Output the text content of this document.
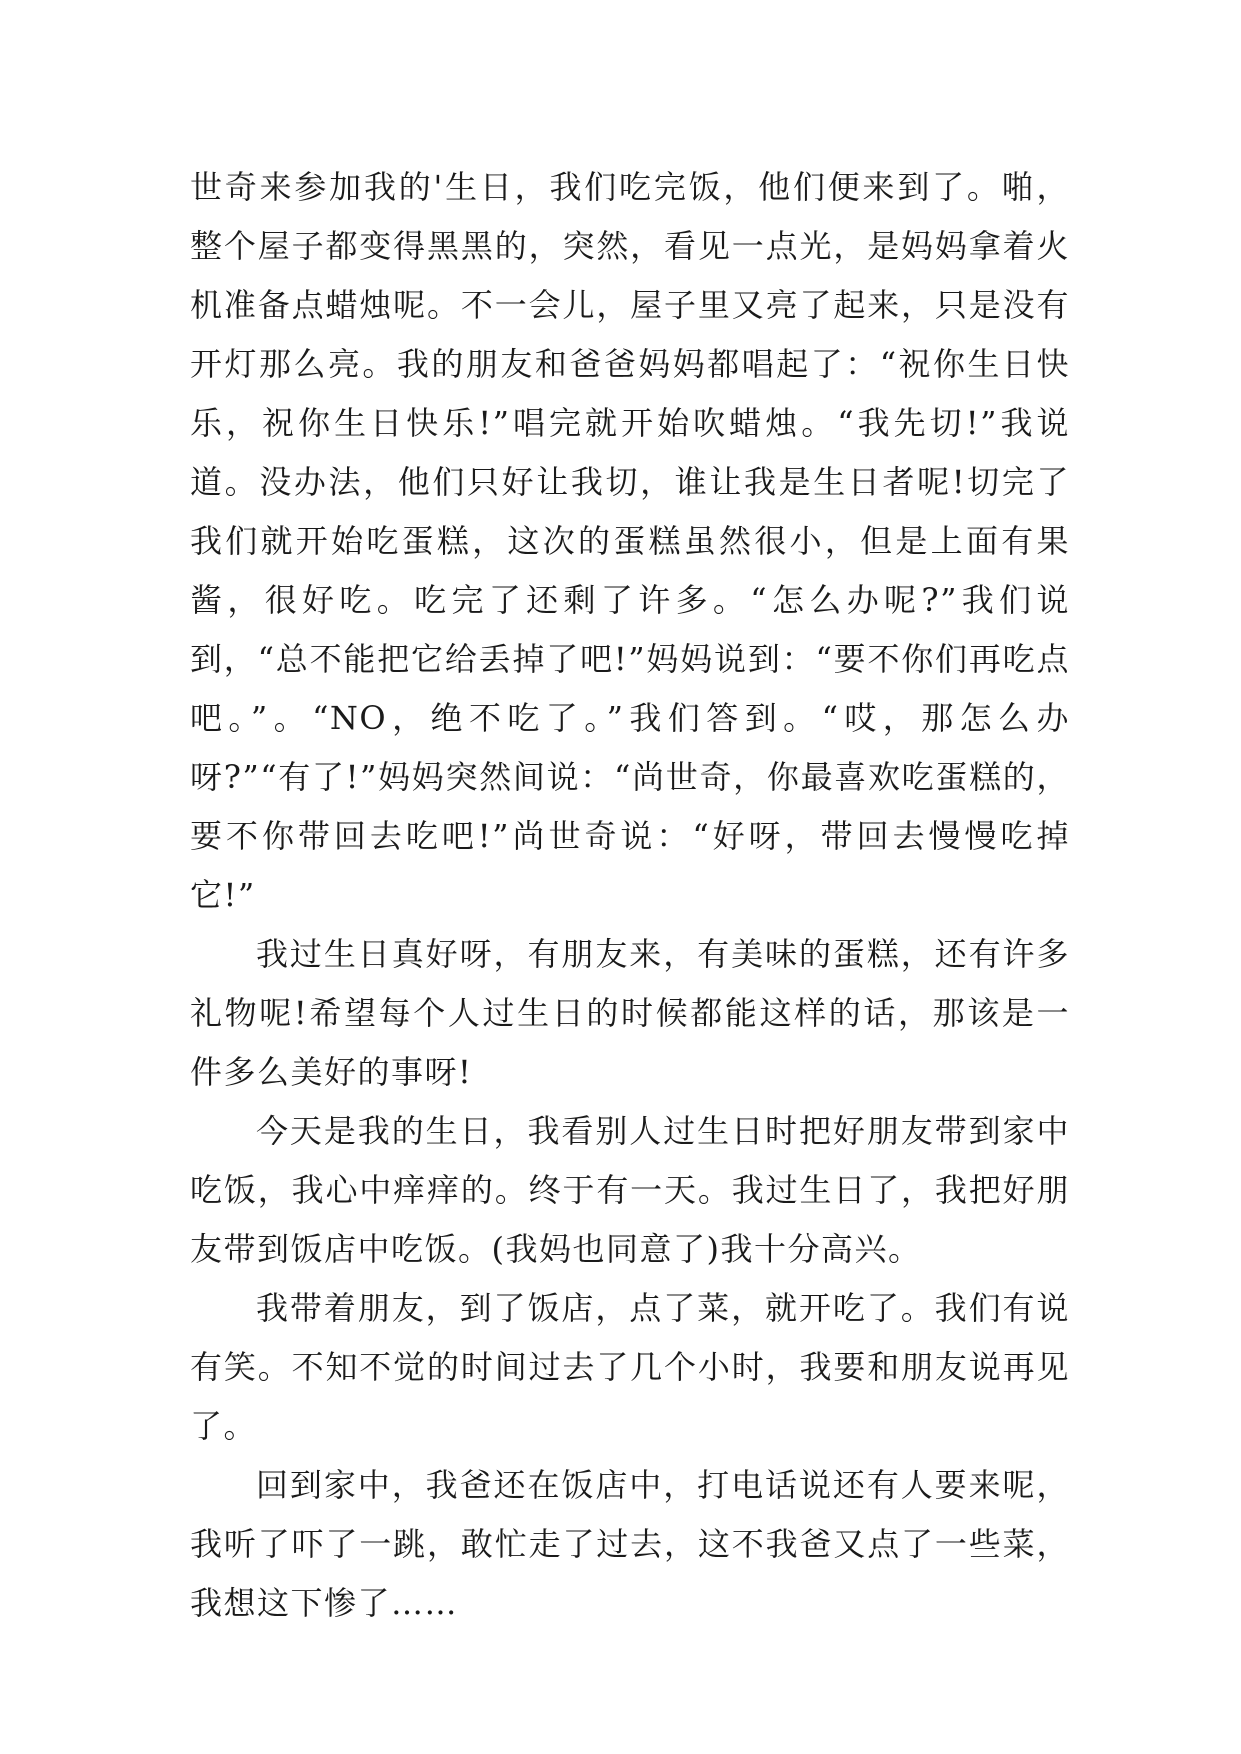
世奇来参加我的'生日，我们吃完饭，他们便来到了。啪，整个屋子都变得黑黑的，突然，看见一点光，是妈妈拿着火机准备点蜡烛呢。不一会儿，屋子里又亮了起来，只是没有开灯那么亮。我的朋友和爸爸妈妈都唱起了：“祝你生日快乐，祝你生日快乐!”唱完就开始吹蜡烛。“我先切!”我说道。没办法，他们只好让我切，谁让我是生日者呢!切完了我们就开始吃蛋糕，这次的蛋糕虽然很小，但是上面有果酱，很好吃。吃完了还剩了许多。“怎么办呢?”我们说到，“总不能把它给丢掉了吧!”妈妈说到：“要不你们再吃点吧。”。“NO，绝不吃了。”我们答到。“哎，那怎么办呀?”“有了!”妈妈突然间说：“尚世奇，你最喜欢吃蛋糕的，要不你带回去吃吧!”尚世奇说：“好呀，带回去慢慢吃掉它!”

我过生日真好呀，有朋友来，有美味的蛋糕，还有许多礼物呢!希望每个人过生日的时候都能这样的话，那该是一件多么美好的事呀!

今天是我的生日，我看别人过生日时把好朋友带到家中吃饭，我心中痒痒的。终于有一天。我过生日了，我把好朋友带到饭店中吃饭。(我妈也同意了)我十分高兴。

我带着朋友，到了饭店，点了菜，就开吃了。我们有说有笑。不知不觉的时间过去了几个小时，我要和朋友说再见了。

回到家中，我爸还在饭店中，打电话说还有人要来呢，我听了吓了一跳，敢忙走了过去，这不我爸又点了一些菜，我想这下惨了……
